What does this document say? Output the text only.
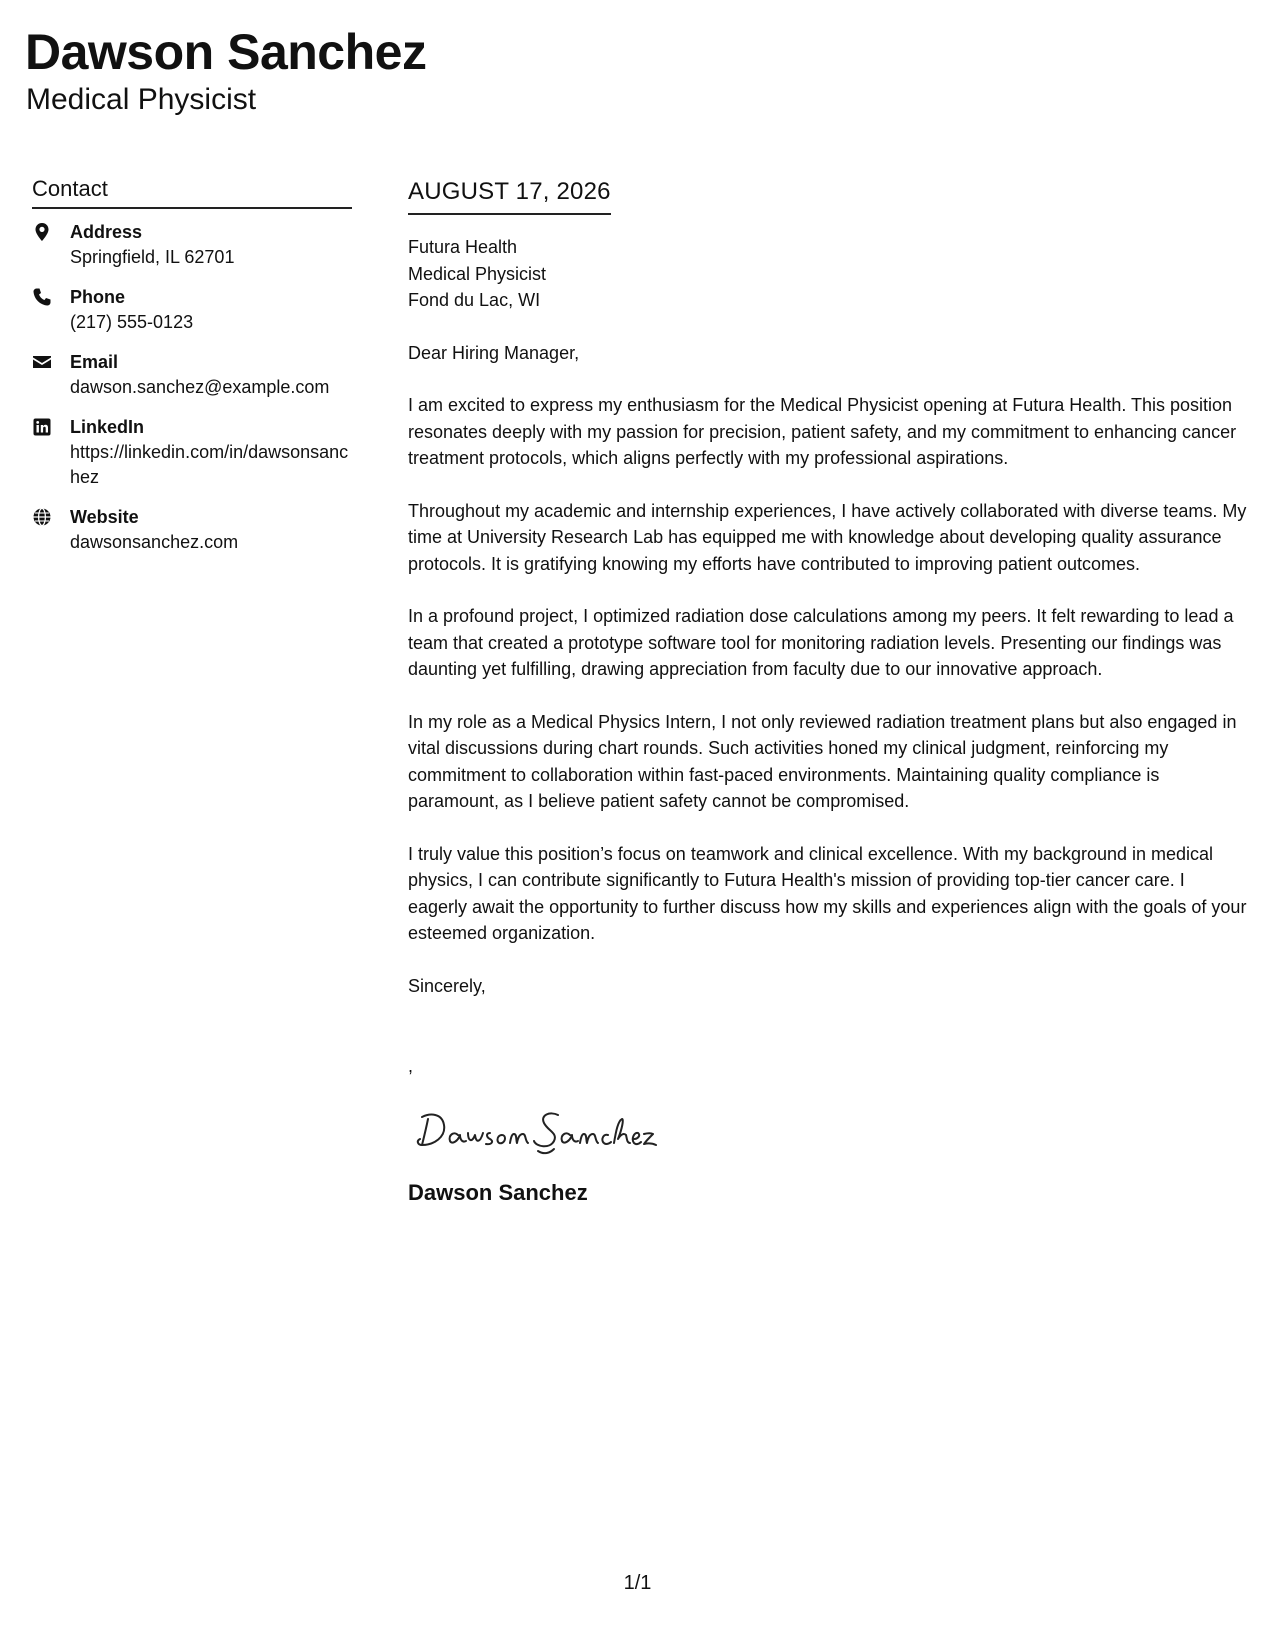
Dawson Sanchez
Medical Physicist
Contact
Address
Springfield, IL 62701
Phone
(217) 555-0123
Email
dawson.sanchez@example.com
LinkedIn
https://linkedin.com/in/dawsonsanchez
Website
dawsonsanchez.com
AUGUST 17, 2026
Futura Health
Medical Physicist
Fond du Lac, WI

Dear Hiring Manager,

I am excited to express my enthusiasm for the Medical Physicist opening at Futura Health. This position resonates deeply with my passion for precision, patient safety, and my commitment to enhancing cancer treatment protocols, which aligns perfectly with my professional aspirations.

Throughout my academic and internship experiences, I have actively collaborated with diverse teams. My time at University Research Lab has equipped me with knowledge about developing quality assurance protocols. It is gratifying knowing my efforts have contributed to improving patient outcomes.

In a profound project, I optimized radiation dose calculations among my peers. It felt rewarding to lead a team that created a prototype software tool for monitoring radiation levels. Presenting our findings was daunting yet fulfilling, drawing appreciation from faculty due to our innovative approach.

In my role as a Medical Physics Intern, I not only reviewed radiation treatment plans but also engaged in vital discussions during chart rounds. Such activities honed my clinical judgment, reinforcing my commitment to collaboration within fast-paced environments. Maintaining quality compliance is paramount, as I believe patient safety cannot be compromised.

I truly value this position’s focus on teamwork and clinical excellence. With my background in medical physics, I can contribute significantly to Futura Health's mission of providing top-tier cancer care. I eagerly await the opportunity to further discuss how my skills and experiences align with the goals of your esteemed organization.

Sincerely,

,
Dawson Sanchez
1/1
